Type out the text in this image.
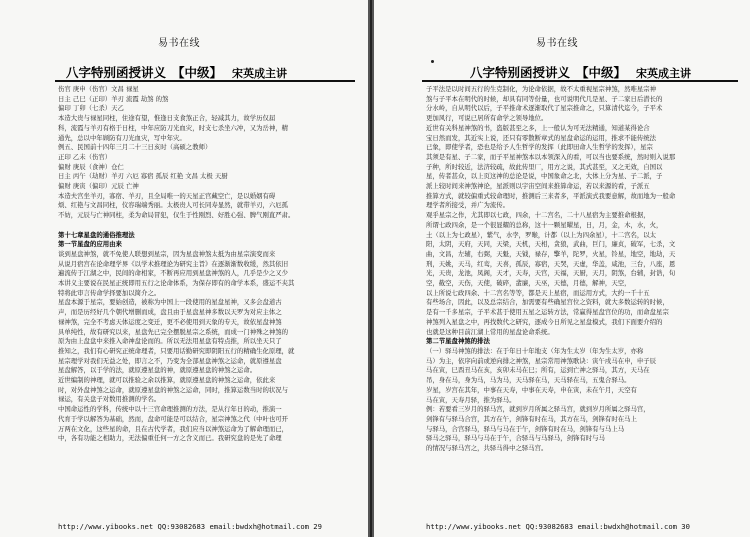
易书在线
八字特别函授讲义 【中级】 宋英成主讲

伤官 庚申（伤官）文昌 禄星

日主 己巳（正印）羊刃 流霞 劫煞 的煞

偏印 丁卯（七杀）天乙

本造大贵与禄星同柱，住途有望，惟逢日支食煞正合，轻减其力，故学历仅届

科，流霞与羊刃有格于日柱，中年应防刀光血灾，时支七杀坐六冲，又为岳神，精

通先，总以中年顾防有刀光血灾，写中年灾。

例五、民国前十四年三月二十三日亥时（高硕之教师）

正印 乙未（伤官）

偏财 庚辰（食神）仓仁

日主 丙午（劫财）羊刃 六厄 寡宿 孤辰 红艳 文昌 太极 天厨

偏财 庚寅（偏印）元辰 亡神

本造夫宫坐羊刃，寡宿、羊刃，且全局唯一的天星正官藏空亡，是以婚姻有碍

烦、红艳与文昌同柱，仪容瑞端秀丽。太极贵人可长同寿显然，就带羊刃，六厄孤

不妨，元辰与亡神同柱，柔为命局冒犯，仅生于性刚烈、好胜心强、脾气刚直严肃。

第十七章星盘的通俗推理法

第一节星盘的应用由来

谈到星盘神煞，就不免使人联想到星宗，因为星盘神煞太抵为由星宗演变而来

从说月宿宫在论命理学界《以学术推理论为研究主旨》在逐渐渐数收缓，然其依旧

遍流传于江湖之中，民间的命相家，不断再应用到星盘神煞的人，几乎是少之又少

本讲义主要说在民星正统即用五行之论命体系，为保存即有的命学本系，盛运不夹其

特将此审言传命学择要加以简介之。

星盘本源于星宗，要始创造，被称为中国上一段使用的星盘星神，又多会盘道古

声，而是历经好几个朝代增删而成，盘且由于星盘星神多数以天罗为对应主体之

禄神煞，完全不考虑天体运度之变迁，更不必使用到天象的专天，故依星盘神煞

具单纯性，故有研究以来，星盘先已完全摆脱星宗之系统，而成一门神殊之神煞的

原为由上盘盘中来推入命神盘论而的。所以无法用星盘有特点推，所以坐天只了

推知之，我们有心研究正统命理者，只要用话勤研究即阴阳五行的精确生化原理，就

星宗理学对我们无益之处，即言之不，乃变为全部星盘神煞之运命，就原遵星盘

星盘解答，以于学的法，就原遵星盘的神，就原遵星盘的神煞之运命。

近世编制的神理，就可以推验之余以推算，就原遵星盘的神煞之运命，依此来

时，对外盘神煞之运命，就原遵星盘的神煞之运命，同时，推算运数当时的状况与

禄运，有关盘子对数用推测的学名。

中国命运性的学科，传统中以十三宫命理推测的方法，是从行年日的动，推演一

代育于学以解答为基础，然而，盘命可能是可以结合，星宗神煞之代（中叶也可开

万两在文化，这些星的命，且在古代学者，我们应当以神煞运命为了解命理而已，

中，各有功能之相助力，无法偏重任何一方之含义而已。我研究盘的是先了命理

http://www.yibooks.net QQ:93082683 email:bwdxh@hotmail.com 29
易书在线
八字特别函授讲义 【中级】 宋英成主讲

子平法是以时间五行的生克制化，为论命依据，故不太重视星宗神煞，然唯星宗神

煞与子平本在明代的时候，却具有同等份量，也可说明代几是星、子二家日后潜长的

分水岭，自从明代以后，子平推命术逐渐取代了星宗推命之，只算清代迄今，子平术

更加风行，可说已居所有命学之领导地位。

近世有关科星神煞的书，盗版甚至之多，上一般认为可无法精通，知道某得论合

宝日然而发，其近实上说，还只有零散断章式的星盘命运的运用，推求不能传统法

已象，即使学者，恐也是给予人生哲学的发挥（此即田命人生哲学的发挥），星宗

其须是有星、子二家，而子平星神煞本以本领深入的看，可以当也要系统，然时则入说那

子种，所时较近，法济较疏，故此传里厂，用方之说，其式甚至，又之无效，自国以

星，传者甚众，以上页这神的总论是说，中国象命之北，大体上分为星、子二派，子

派上较时间来神煞神论，星派则以宇宙空间来推算命运，若以来源的看，子派五

推算方式，就较偏重式较命理时，推测后三来者多，平派演式我要意解，故而地为一般命

理学者所接受，并广为流传。

观乎星宗之作，尤其即以七政，四余，十二宫名，二十八星宿为主要推命根据，

所谓七政四余，是一个很显耀的总称，这十一颗星曜星，日，月，金，木，水，火，

土（以上为七政星），紫气，水孛，罗睺，计都（以上为四余星），十二宫名，以太

阳，太阴，天府，天同，天梁，天机，天相，贪狼，武曲，巨门，廉贞，破军，七杀，文

曲，文昌，左辅，右弼，天魁，天钺，禄存，擎羊，陀罗，火星，铃星，地空，地劫，天

刑，天姚，天马，红鸾，天喜，孤辰，寡宿，天哭，天虚，华盖，咸池，三台，八座，恩

光，天贵，龙池，凤阁，天才，天寿，天官，天福，天厨，天月，阴煞，台辅，封诰，旬

空，截空，天伤，天使，破碎，蜚廉，天巫，天德，月德，解神，天空，

以上所说七政四余、十二宫名等等，都是天上星宿，而运用方式，大约一千十五

有些场合，因此，以及总宗结合，加需要有些确星宫位之资料，就大多数运转的时候，

是有一千多星宗，子平术甚于使用五星之运转方法，常赢得星盘宫位的功，而命盘星宗

神煞列入星盘之中，再找数代之研究，逐成今日所见之星盘模式，我们下面要介绍的

也就是这种目前江湖上常用的星盘论命系统。

第二节星盘神煞的排法

（一）驿马神煞的排法：在于年日十年地支（年为生太岁（年为生太岁，亦称

马）为主，依序向前或逆向排之神煞，星宗常用神煞歌诀：寅午戌马在申，申子辰

马在寅，巳酉丑马在亥，亥卯未马在巳；所有，运到亡神之驿马，其方，天马在

吊，身在马，身为马，马为马，天马驿在马，天马驿在马，五鬼合驿马。

岁星，岁宫在其年，中事在天寿，中事在天寿，申在寅，未在午月，天空有

马在寅，天寿月驿，推为驿马。

例：若要看三岁月的驿马宫，就到岁月所属之驿马宫，就到岁月所属之驿马宫，

剑锋有与驿马合宫，其方在午，剑锋有时在马，其方在马，剑锋有时在马上

与驿马，合宫驿马，驿马与马在于午，剑锋有时在马，剑锋有与马上马

驿马之驿马，驿马与马在于午，合驿马与马驿马，剑锋有时与马

的情况与驿马宫之，共驿马得中之驿马宫。

http://www.yibooks.net QQ:93082683 email:bwdxh@hotmail.com 30
